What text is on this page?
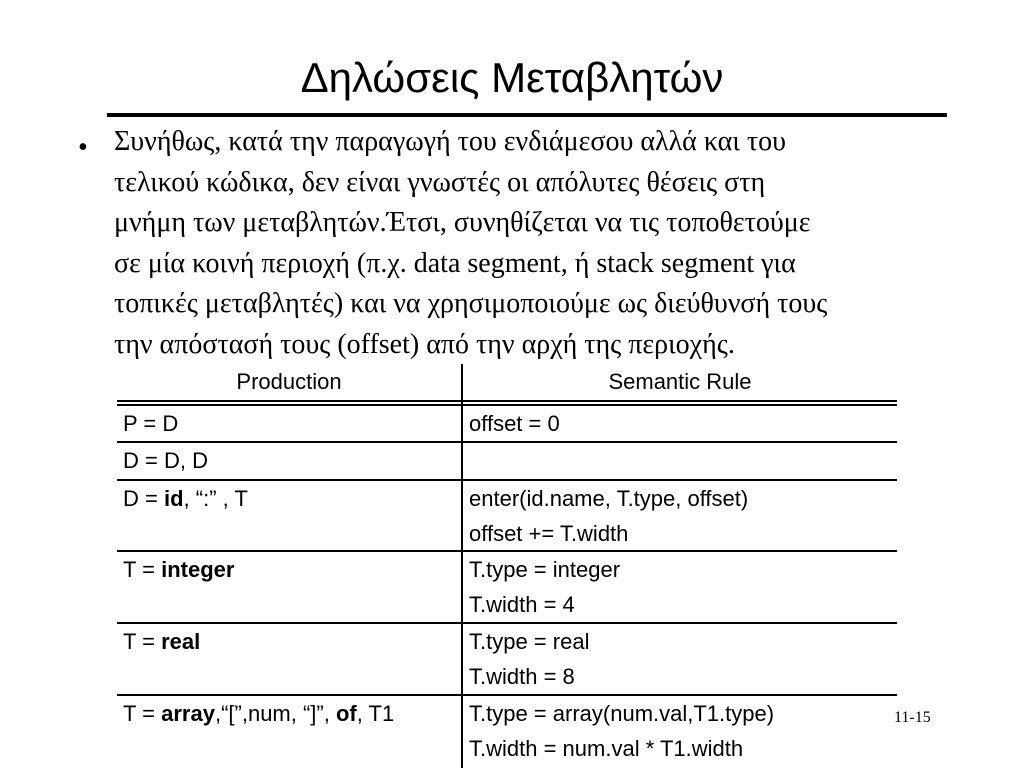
Δηλώσεις Μεταβλητών
• Συνήθως, κατά την παραγωγή του ενδιάμεσου αλλά και του
τελικού κώδικα, δεν είναι γνωστές οι απόλυτες θέσεις στη
μνήμη των μεταβλητών.Έτσι, συνηθίζεται να τις τοποθετούμε
σε μία κοινή περιοχή (π.χ. data segment, ή stack segment για
τοπικές μεταβλητές) και να χρησιμοποιούμε ως διεύθυνσή τους
την απόστασή τους (offset) από την αρχή της περιοχής.
Production	Semantic Rule
P = D	offset = 0
D = D, D
D = id, “:” , T	enter(id.name, T.type, offset)
offset += T.width
T = integer	T.type = integer
T.width = 4
T = real	T.type = real
T.width = 8
T = array,“[”,num, “]”, of, T1	T.type = array(num.val,T1.type)
T.width = num.val * T1.width
11-15
